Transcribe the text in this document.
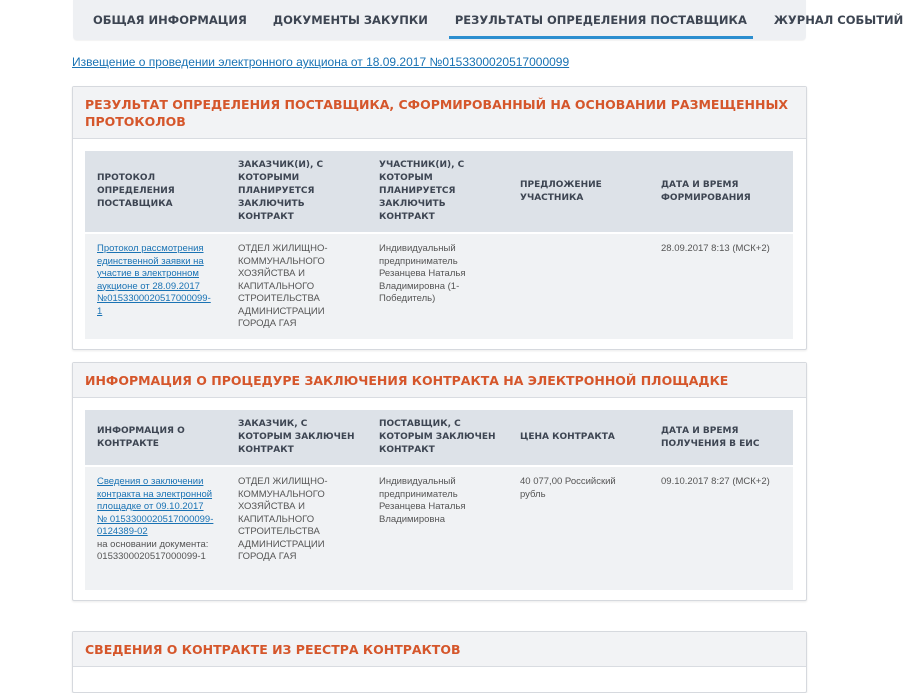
ОБЩАЯ ИНФОРМАЦИЯ	ДОКУМЕНТЫ ЗАКУПКИ	РЕЗУЛЬТАТЫ ОПРЕДЕЛЕНИЯ ПОСТАВЩИКА	ЖУРНАЛ СОБЫТИЙ
Извещение о проведении электронного аукциона от 18.09.2017 №0153300020517000099
РЕЗУЛЬТАТ ОПРЕДЕЛЕНИЯ ПОСТАВЩИКА, СФОРМИРОВАННЫЙ НА ОСНОВАНИИ РАЗМЕЩЕННЫХ ПРОТОКОЛОВ
ПРОТОКОЛ ОПРЕДЕЛЕНИЯ ПОСТАВЩИКА	ЗАКАЗЧИК(И), С КОТОРЫМИ ПЛАНИРУЕТСЯ ЗАКЛЮЧИТЬ КОНТРАКТ	УЧАСТНИК(И), С КОТОРЫМ ПЛАНИРУЕТСЯ ЗАКЛЮЧИТЬ КОНТРАКТ	ПРЕДЛОЖЕНИЕ УЧАСТНИКА	ДАТА И ВРЕМЯ ФОРМИРОВАНИЯ
Протокол рассмотрения единственной заявки на участие в электронном аукционе от 28.09.2017 №0153300020517000099-1	ОТДЕЛ ЖИЛИЩНО-КОММУНАЛЬНОГО ХОЗЯЙСТВА И КАПИТАЛЬНОГО СТРОИТЕЛЬСТВА АДМИНИСТРАЦИИ ГОРОДА ГАЯ	Индивидуальный предприниматель Резанцева Наталья Владимировна (1-Победитель)		28.09.2017 8:13 (МСК+2)
ИНФОРМАЦИЯ О ПРОЦЕДУРЕ ЗАКЛЮЧЕНИЯ КОНТРАКТА НА ЭЛЕКТРОННОЙ ПЛОЩАДКЕ
ИНФОРМАЦИЯ О КОНТРАКТЕ	ЗАКАЗЧИК, С КОТОРЫМ ЗАКЛЮЧЕН КОНТРАКТ	ПОСТАВЩИК, С КОТОРЫМ ЗАКЛЮЧЕН КОНТРАКТ	ЦЕНА КОНТРАКТА	ДАТА И ВРЕМЯ ПОЛУЧЕНИЯ В ЕИС
Сведения о заключении контракта на электронной площадке от 09.10.2017 № 0153300020517000099-0124389-02
на основании документа:
0153300020517000099-1	ОТДЕЛ ЖИЛИЩНО-КОММУНАЛЬНОГО ХОЗЯЙСТВА И КАПИТАЛЬНОГО СТРОИТЕЛЬСТВА АДМИНИСТРАЦИИ ГОРОДА ГАЯ	Индивидуальный предприниматель Резанцева Наталья Владимировна	40 077,00 Российский рубль	09.10.2017 8:27 (МСК+2)
СВЕДЕНИЯ О КОНТРАКТЕ ИЗ РЕЕСТРА КОНТРАКТОВ
